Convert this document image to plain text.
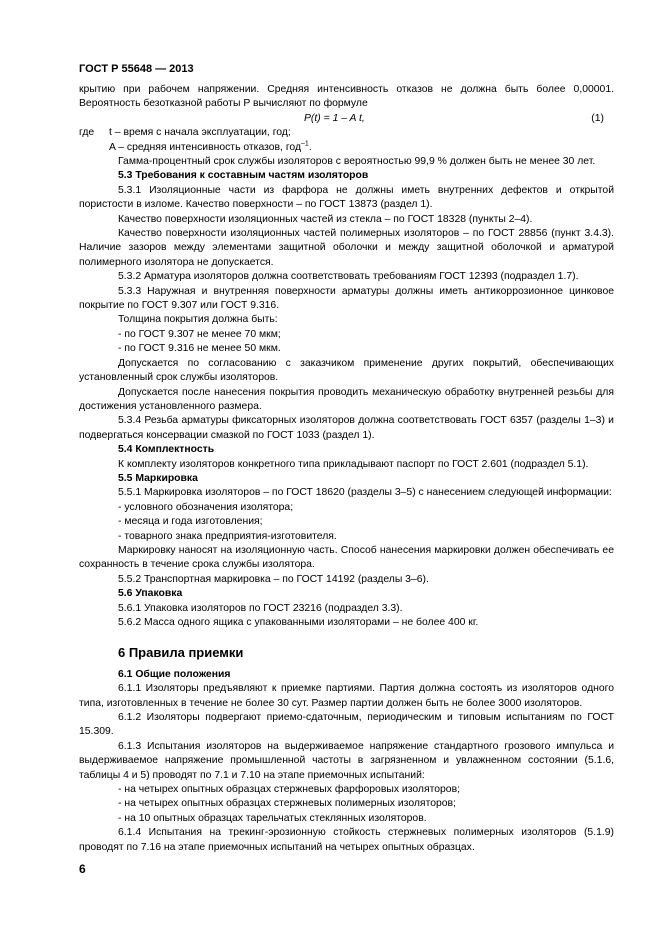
ГОСТ Р 55648 — 2013

крытию при рабочем напряжении. Средняя интенсивность отказов не должна быть более 0,00001. Вероятность безотказной работы P вычисляют по формуле

P(t) = 1 – A t,	(1)
где t – время с начала эксплуатации, год;
A – средняя интенсивность отказов, год$^{-1}$.

Гамма-процентный срок службы изоляторов с вероятностью 99,9 % должен быть не менее 30 лет.

5.3 Требования к составным частям изоляторов

5.3.1 Изоляционные части из фарфора не должны иметь внутренних дефектов и открытой пористости в изломе. Качество поверхности – по ГОСТ 13873 (раздел 1).

Качество поверхности изоляционных частей из стекла – по ГОСТ 18328 (пункты 2–4).

Качество поверхности изоляционных частей полимерных изоляторов – по ГОСТ 28856 (пункт 3.4.3). Наличие зазоров между элементами защитной оболочки и между защитной оболочкой и арматурой полимерного изолятора не допускается.

5.3.2 Арматура изоляторов должна соответствовать требованиям ГОСТ 12393 (подраздел 1.7).

5.3.3 Наружная и внутренняя поверхности арматуры должны иметь антикоррозионное цинковое покрытие по ГОСТ 9.307 или ГОСТ 9.316.

Толщина покрытия должна быть:

- по ГОСТ 9.307 не менее 70 мкм;

- по ГОСТ 9.316 не менее 50 мкм.

Допускается по согласованию с заказчиком применение других покрытий, обеспечивающих установленный срок службы изоляторов.

Допускается после нанесения покрытия проводить механическую обработку внутренней резьбы для достижения установленного размера.

5.3.4 Резьба арматуры фиксаторных изоляторов должна соответствовать ГОСТ 6357 (разделы 1–3) и подвергаться консервации смазкой по ГОСТ 1033 (раздел 1).

5.4 Комплектность

К комплекту изоляторов конкретного типа прикладывают паспорт по ГОСТ 2.601 (подраздел 5.1).

5.5 Маркировка

5.5.1 Маркировка изоляторов – по ГОСТ 18620 (разделы 3–5) с нанесением следующей информации:

- условного обозначения изолятора;

- месяца и года изготовления;

- товарного знака предприятия-изготовителя.

Маркировку наносят на изоляционную часть. Способ нанесения маркировки должен обеспечивать ее сохранность в течение срока службы изолятора.

5.5.2 Транспортная маркировка – по ГОСТ 14192 (разделы 3–6).

5.6 Упаковка

5.6.1 Упаковка изоляторов по ГОСТ 23216 (подраздел 3.3).

5.6.2 Масса одного ящика с упакованными изоляторами – не более 400 кг.

6 Правила приемки
6.1 Общие положения

6.1.1 Изоляторы предъявляют к приемке партиями. Партия должна состоять из изоляторов одного типа, изготовленных в течение не более 30 сут. Размер партии должен быть не более 3000 изоляторов.

6.1.2 Изоляторы подвергают приемо-сдаточным, периодическим и типовым испытаниям по ГОСТ 15.309.

6.1.3 Испытания изоляторов на выдерживаемое напряжение стандартного грозового импульса и выдерживаемое напряжение промышленной частоты в загрязненном и увлажненном состоянии (5.1.6, таблицы 4 и 5) проводят по 7.1 и 7.10 на этапе приемочных испытаний:

- на четырех опытных образцах стержневых фарфоровых изоляторов;

- на четырех опытных образцах стержневых полимерных изоляторов;

- на 10 опытных образцах тарельчатых стеклянных изоляторов.

6.1.4 Испытания на трекинг-эрозионную стойкость стержневых полимерных изоляторов (5.1.9) проводят по 7.16 на этапе приемочных испытаний на четырех опытных образцах.

6
